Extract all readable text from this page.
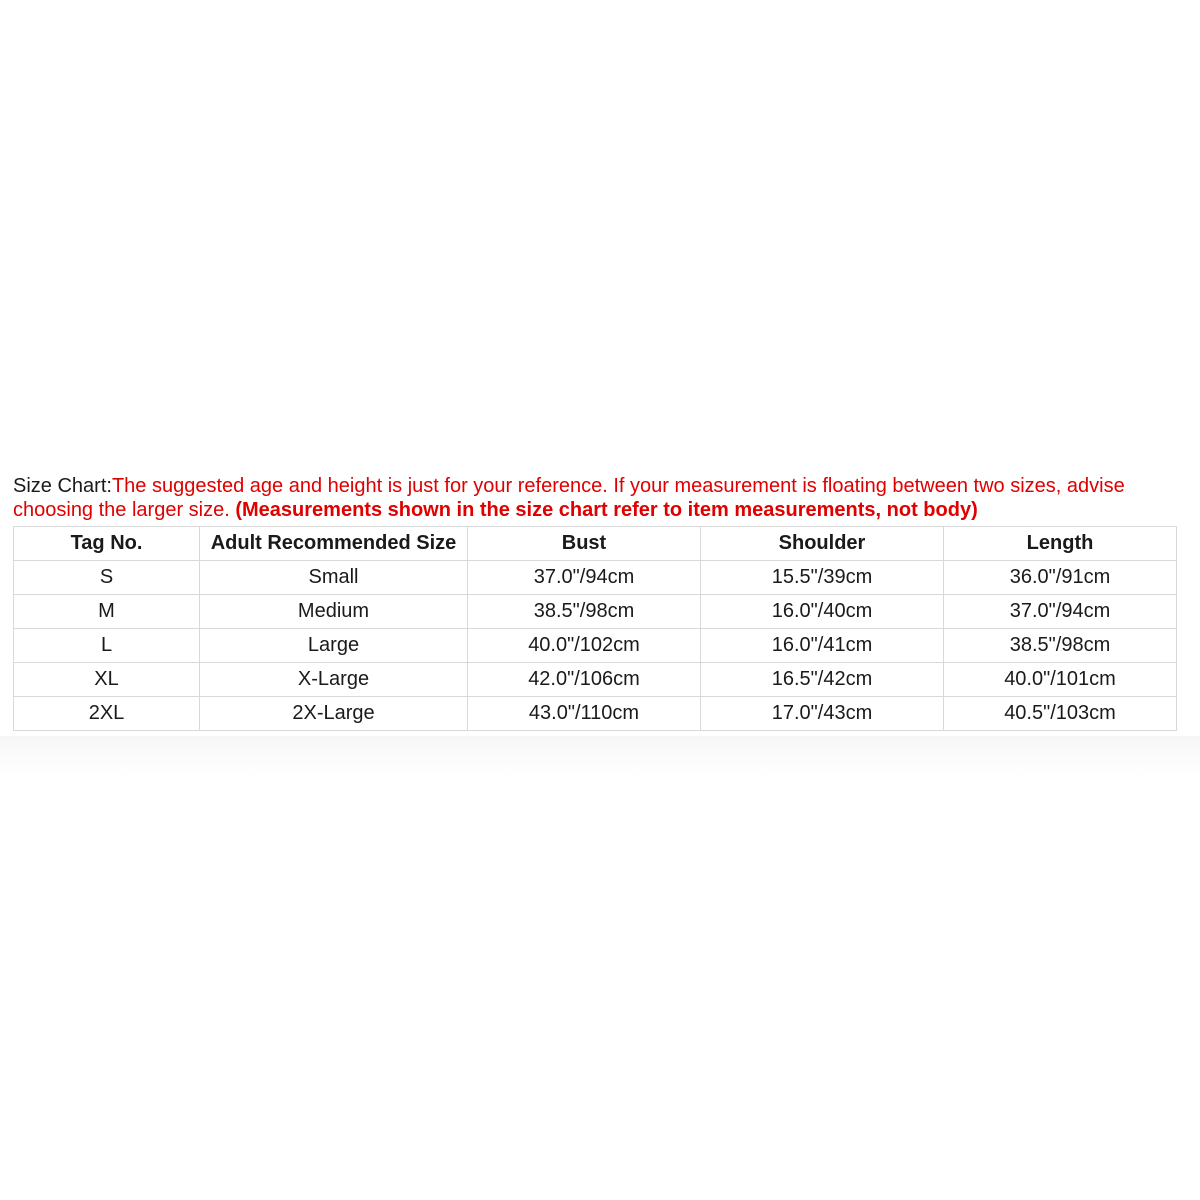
Size Chart:The suggested age and height is just for your reference. If your measurement is floating between two sizes, advise choosing the larger size. (Measurements shown in the size chart refer to item measurements, not body)

Tag No.	Adult Recommended Size	Bust	Shoulder	Length
S	Small	37.0"/94cm	15.5"/39cm	36.0"/91cm
M	Medium	38.5"/98cm	16.0"/40cm	37.0"/94cm
L	Large	40.0"/102cm	16.0"/41cm	38.5"/98cm
XL	X-Large	42.0"/106cm	16.5"/42cm	40.0"/101cm
2XL	2X-Large	43.0"/110cm	17.0"/43cm	40.5"/103cm
